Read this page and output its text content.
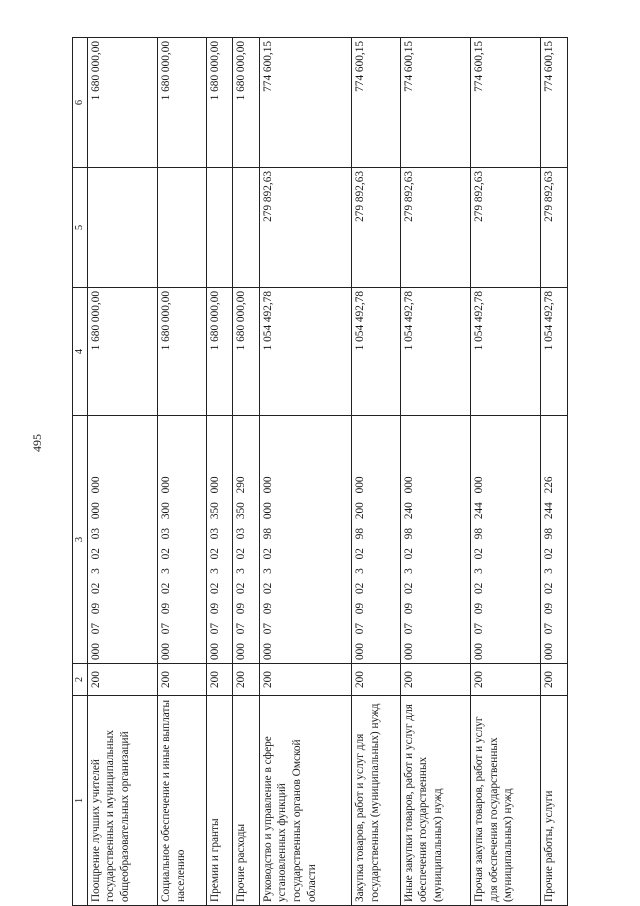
495
1	2	3	4	5	6
Поощрение лучших учителей государственных и муниципальных общеобразовательных организаций	200	000 07 09 02 3 02 03 000 000	1 680 000,00		1 680 000,00
Социальное обеспечение и иные выплаты населению	200	000 07 09 02 3 02 03 300 000	1 680 000,00		1 680 000,00
Премии и гранты	200	000 07 09 02 3 02 03 350 000	1 680 000,00		1 680 000,00
Прочие расходы	200	000 07 09 02 3 02 03 350 290	1 680 000,00		1 680 000,00
Руководство и управление в сфере установленных функций государственных органов Омской области	200	000 07 09 02 3 02 98 000 000	1 054 492,78	279 892,63	774 600,15
Закупка товаров, работ и услуг для государственных (муниципальных) нужд	200	000 07 09 02 3 02 98 200 000	1 054 492,78	279 892,63	774 600,15
Иные закупки товаров, работ и услуг для обеспечения государственных (муниципальных) нужд	200	000 07 09 02 3 02 98 240 000	1 054 492,78	279 892,63	774 600,15
Прочая закупка товаров, работ и услуг для обеспечения государственных (муниципальных) нужд	200	000 07 09 02 3 02 98 244 000	1 054 492,78	279 892,63	774 600,15
Прочие работы, услуги	200	000 07 09 02 3 02 98 244 226	1 054 492,78	279 892,63	774 600,15
